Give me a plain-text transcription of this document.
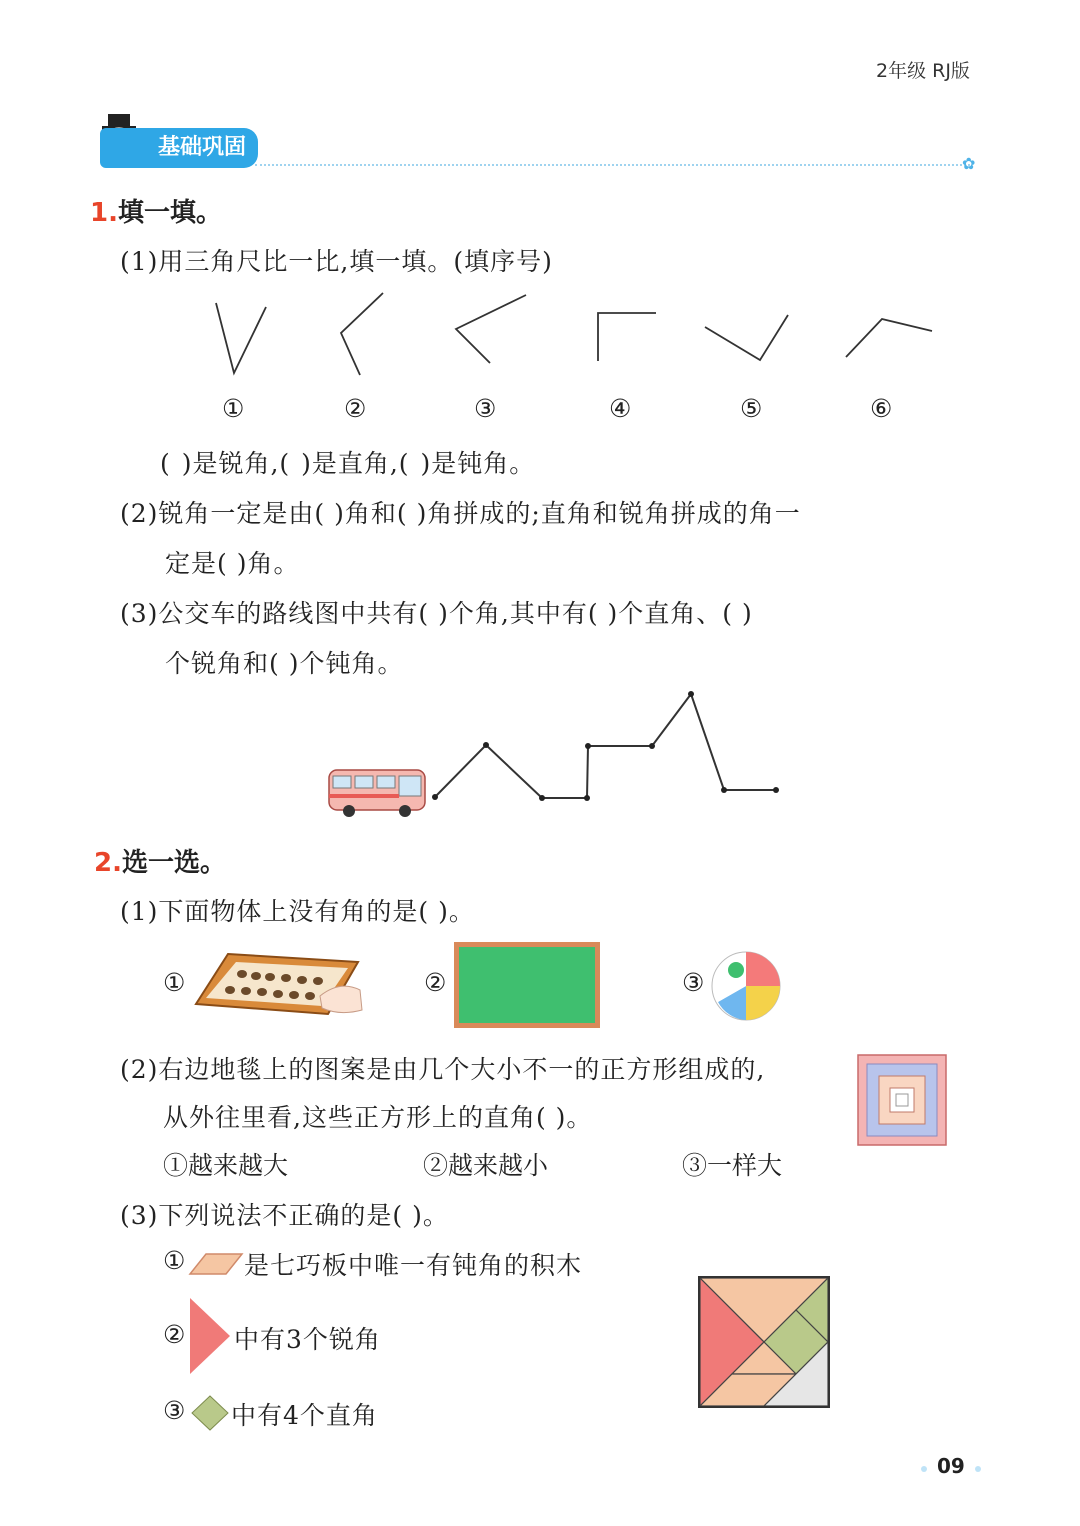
2年级 RJ版
基础巩固
✿
1.填一填。
(1)用三角尺比一比,填一填。(填序号)
①	②	③	④	⑤	⑥
( )是锐角,( )是直角,( )是钝角。
(2)锐角一定是由( )角和( )角拼成的;直角和锐角拼成的角一
定是( )角。
(3)公交车的路线图中共有( )个角,其中有( )个直角、( )
个锐角和( )个钝角。
2.选一选。
(1)下面物体上没有角的是( )。
①	②	③
(2)右边地毯上的图案是由几个大小不一的正方形组成的,
从外往里看,这些正方形上的直角( )。
①越来越大	②越来越小	③一样大
(3)下列说法不正确的是( )。
① 是七巧板中唯一有钝角的积木
② 中有3个锐角
③ 中有4个直角
09
